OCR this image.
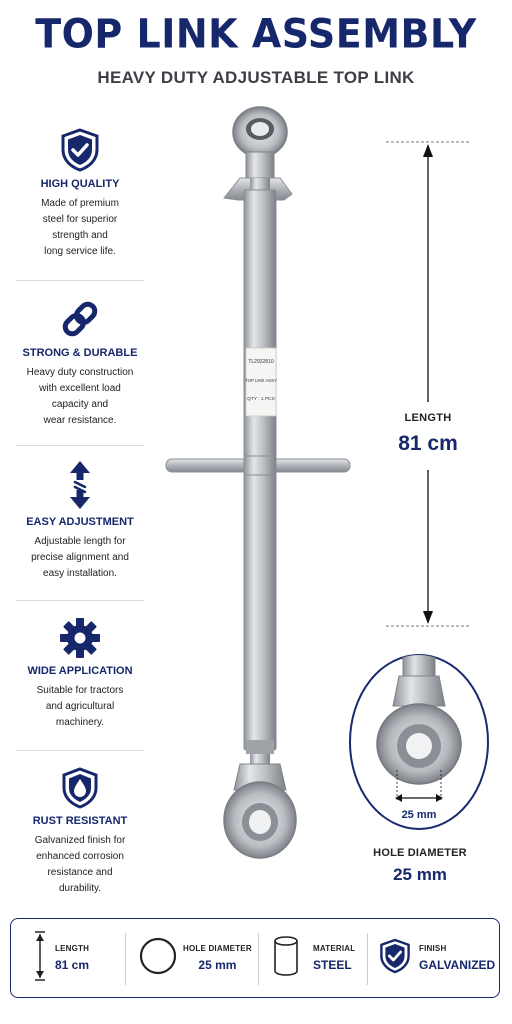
TOP LINK ASSEMBLY
HEAVY DUTY ADJUSTABLE TOP LINK
HIGH QUALITY
Made of premium
steel for superior
strength and
long service life.
STRONG & DURABLE
Heavy duty construction
with excellent load
capacity and
wear resistance.
EASY ADJUSTMENT
Adjustable length for
precise alignment and
easy installation.
WIDE APPLICATION
Suitable for tractors
and agricultural
machinery.
RUST RESISTANT
Galvanized finish for
enhanced corrosion
resistance and
durability.
TL2922810
TOP LINK ASSY
QTY : 1 PCS
LENGTH
81 cm
25 mm
HOLE DIAMETER
25 mm
LENGTH
81 cm
HOLE DIAMETER
25 mm
MATERIAL
STEEL
FINISH
GALVANIZED
